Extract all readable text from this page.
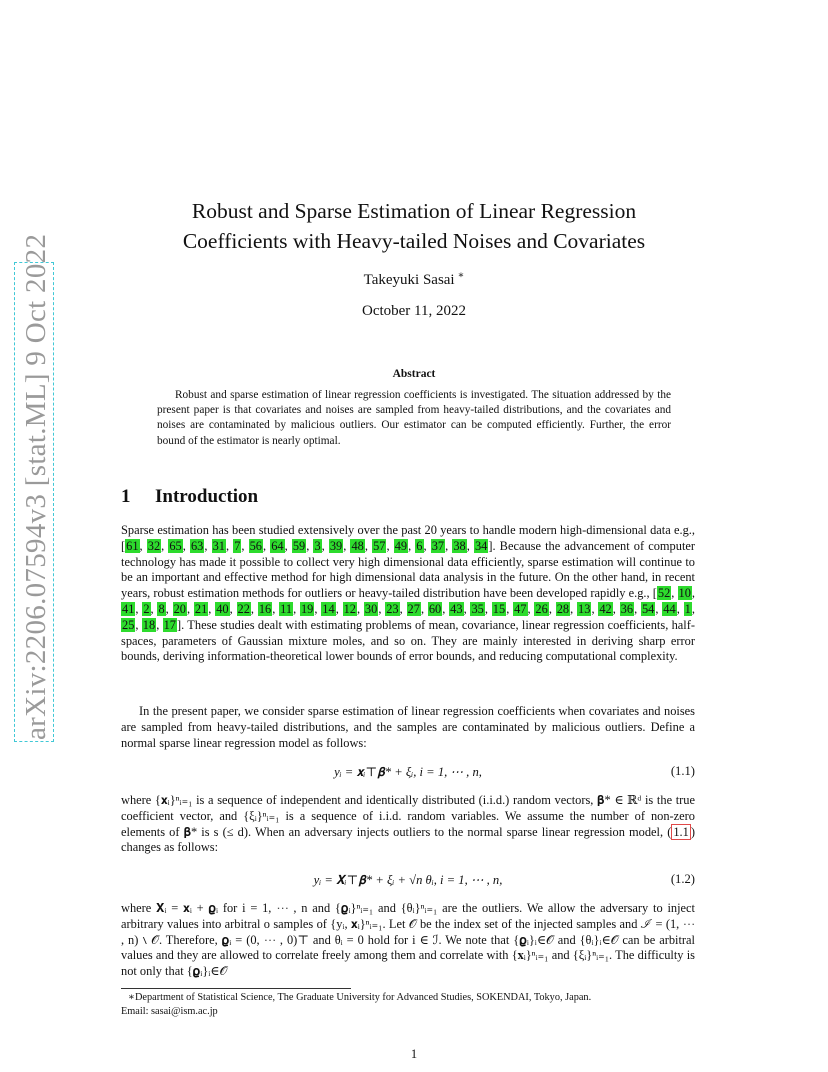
arXiv:2206.07594v3 [stat.ML] 9 Oct 2022
Robust and Sparse Estimation of Linear Regression
Coefficients with Heavy-tailed Noises and Covariates
Takeyuki Sasai ∗
October 11, 2022
Abstract

Robust and sparse estimation of linear regression coefficients is investigated. The situation addressed by the present paper is that covariates and noises are sampled from heavy-tailed distributions, and the covariates and noises are contaminated by malicious outliers. Our estimator can be computed efficiently. Further, the error bound of the estimator is nearly optimal.

1 Introduction

Sparse estimation has been studied extensively over the past 20 years to handle modern high-dimensional data e.g., [61, 32, 65, 63, 31, 7, 56, 64, 59, 3, 39, 48, 57, 49, 6, 37, 38, 34]. Because the advancement of computer technology has made it possible to collect very high dimensional data efficiently, sparse estimation will continue to be an important and effective method for high dimensional data analysis in the future. On the other hand, in recent years, robust estimation methods for outliers or heavy-tailed distribution have been developed rapidly e.g., [52, 10, 41, 2, 8, 20, 21, 40, 22, 16, 11, 19, 14, 12, 30, 23, 27, 60, 43, 35, 15, 47, 26, 28, 13, 42, 36, 54, 44, 1, 25, 18, 17]. These studies dealt with estimating problems of mean, covariance, linear regression coefficients, half-spaces, parameters of Gaussian mixture moles, and so on. They are mainly interested in deriving sharp error bounds, deriving information-theoretical lower bounds of error bounds, and reducing computational complexity.

In the present paper, we consider sparse estimation of linear regression coefficients when covariates and noises are sampled from heavy-tailed distributions, and the samples are contaminated by malicious outliers. Define a normal sparse linear regression model as follows:

yᵢ = 𝐱ᵢ⊤𝛃* + ξᵢ, i = 1, ⋯ , n,	(1.1)

where {𝐱ᵢ}ⁿᵢ₌₁ is a sequence of independent and identically distributed (i.i.d.) random vectors, 𝛃* ∈ ℝᵈ is the true coefficient vector, and {ξᵢ}ⁿᵢ₌₁ is a sequence of i.i.d. random variables. We assume the number of non-zero elements of 𝛃* is s (≤ d). When an adversary injects outliers to the normal sparse linear regression model, ( 1.1 ) changes as follows:

yᵢ = 𝐗ᵢ⊤𝛃* + ξᵢ + √n θᵢ, i = 1, ⋯ , n,	(1.2)

where 𝐗ᵢ = 𝐱ᵢ + 𝛠ᵢ for i = 1, ⋯ , n and {𝛠ᵢ}ⁿᵢ₌₁ and {θᵢ}ⁿᵢ₌₁ are the outliers. We allow the adversary to inject arbitrary values into arbitral o samples of {yᵢ, 𝐱ᵢ}ⁿᵢ₌₁. Let 𝒪 be the index set of the injected samples and ℐ = (1, ⋯ , n) ∖ 𝒪. Therefore, 𝛠ᵢ = (0, ⋯ , 0)⊤ and θᵢ = 0 hold for i ∈ ℐ. We note that {𝛠ᵢ}ᵢ∈𝒪 and {θᵢ}ᵢ∈𝒪 can be arbitral values and they are allowed to correlate freely among them and correlate with {𝐱ᵢ}ⁿᵢ₌₁ and {ξᵢ}ⁿᵢ₌₁. The difficulty is not only that {𝛠ᵢ}ᵢ∈𝒪

∗Department of Statistical Science, The Graduate University for Advanced Studies, SOKENDAI, Tokyo, Japan.
Email: sasai@ism.ac.jp

1
